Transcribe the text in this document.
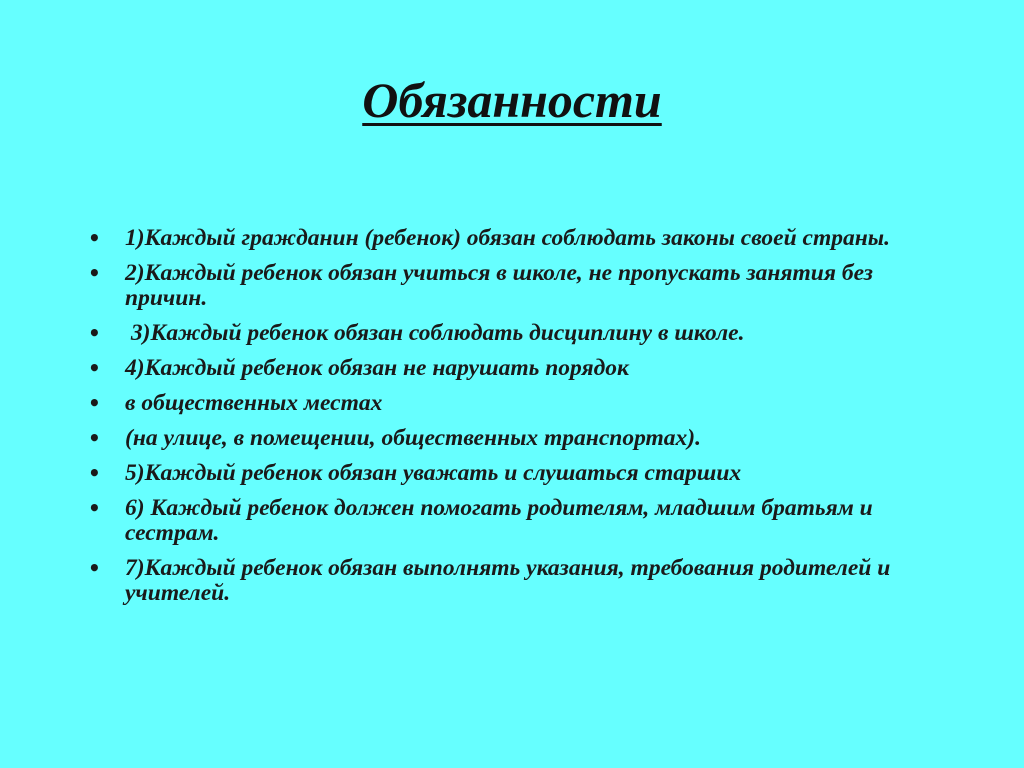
Обязанности
• 1)Каждый гражданин (ребенок) обязан соблюдать законы своей страны.
• 2)Каждый ребенок обязан учиться в школе, не пропускать занятия без причин.
• 3)Каждый ребенок обязан соблюдать дисциплину в школе.
• 4)Каждый ребенок обязан не нарушать порядок
• в общественных местах
• (на улице, в помещении, общественных транспортах).
• 5)Каждый ребенок обязан уважать и слушаться старших
• 6) Каждый ребенок должен помогать родителям, младшим братьям и сестрам.
• 7)Каждый ребенок обязан выполнять указания, требования родителей и учителей.
